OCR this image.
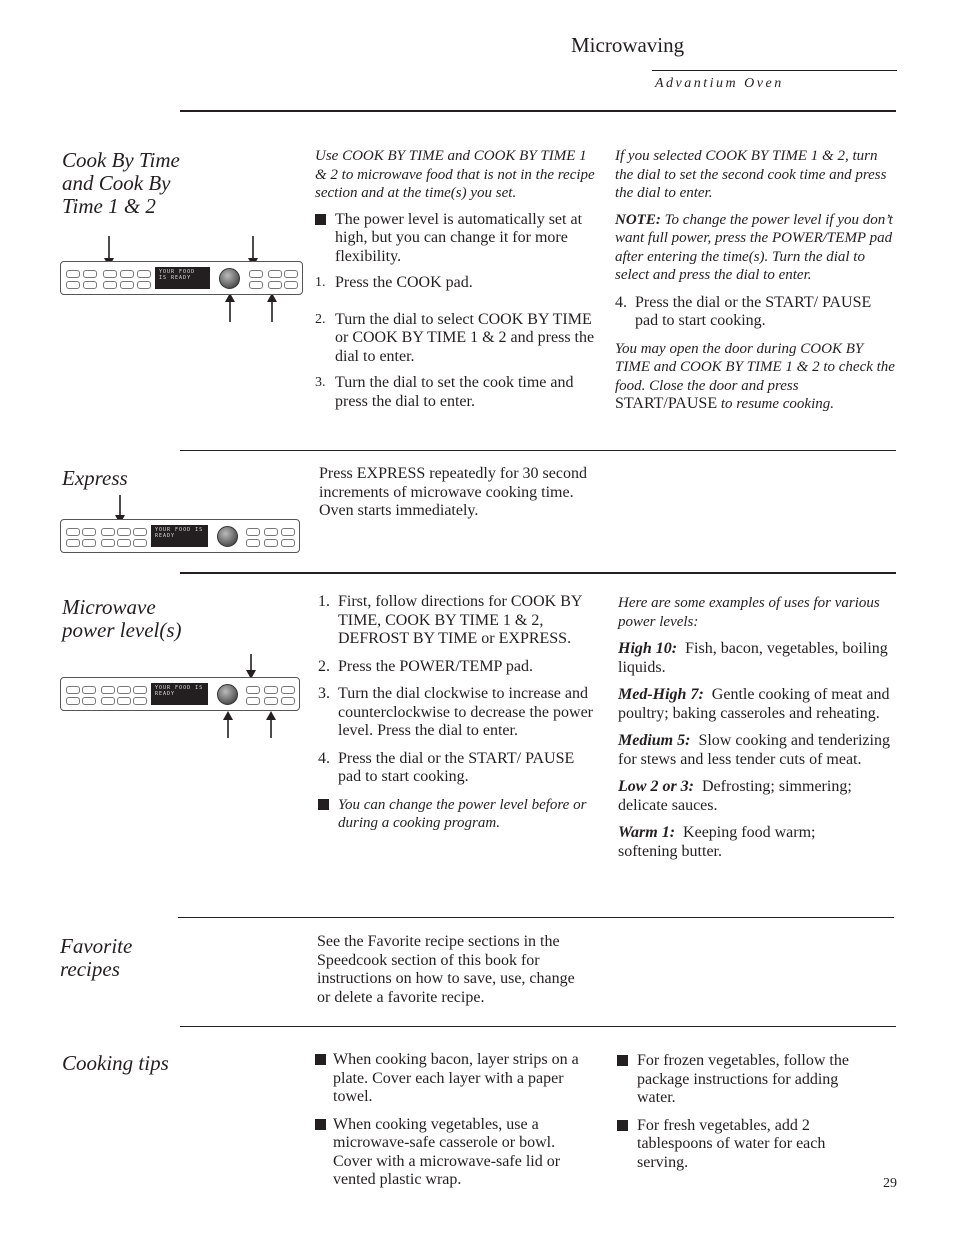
Microwaving
Advantium Oven
Cook By Time
and Cook By
Time 1 & 2
YOUR FOOD IS READY

Use COOK BY TIME and COOK BY TIME 1 & 2 to microwave food that is not in the recipe section and at the time(s) you set.

The power level is automatically set at high, but you can change it for more flexibility.
1. Press the COOK pad.
2. Turn the dial to select COOK BY TIME or COOK BY TIME 1 & 2 and press the dial to enter.
3. Turn the dial to set the cook time and press the dial to enter.

If you selected COOK BY TIME 1 & 2, turn the dial to set the second cook time and press the dial to enter.

NOTE: To change the power level if you don’t want full power, press the POWER/TEMP pad after entering the time(s). Turn the dial to select and press the dial to enter.

4. Press the dial or the START/ PAUSE pad to start cooking.

You may open the door during COOK BY TIME and COOK BY TIME 1 & 2 to check the food. Close the door and press START/PAUSE to resume cooking.

Express
YOUR FOOD IS READY

Press EXPRESS repeatedly for 30 second increments of microwave cooking time. Oven starts immediately.

Microwave
power level(s)
YOUR FOOD IS READY
1. First, follow directions for COOK BY TIME, COOK BY TIME 1 & 2, DEFROST BY TIME or EXPRESS.
2. Press the POWER/TEMP pad.
3. Turn the dial clockwise to increase and counterclockwise to decrease the power level. Press the dial to enter.
4. Press the dial or the START/ PAUSE pad to start cooking.
You can change the power level before or during a cooking program.

Here are some examples of uses for various power levels:

High 10: Fish, bacon, vegetables, boiling liquids.

Med-High 7: Gentle cooking of meat and poultry; baking casseroles and reheating.

Medium 5: Slow cooking and tenderizing for stews and less tender cuts of meat.

Low 2 or 3: Defrosting; simmering; delicate sauces.

Warm 1: Keeping food warm; softening butter.

Favorite
recipes

See the Favorite recipe sections in the Speedcook section of this book for instructions on how to save, use, change or delete a favorite recipe.

Cooking tips	When cooking bacon, layer strips on a plate. Cover each layer with a paper towel.
When cooking vegetables, use a microwave-safe casserole or bowl. Cover with a microwave-safe lid or vented plastic wrap.
For frozen vegetables, follow the package instructions for adding water.
For fresh vegetables, add 2 tablespoons of water for each serving.
29
